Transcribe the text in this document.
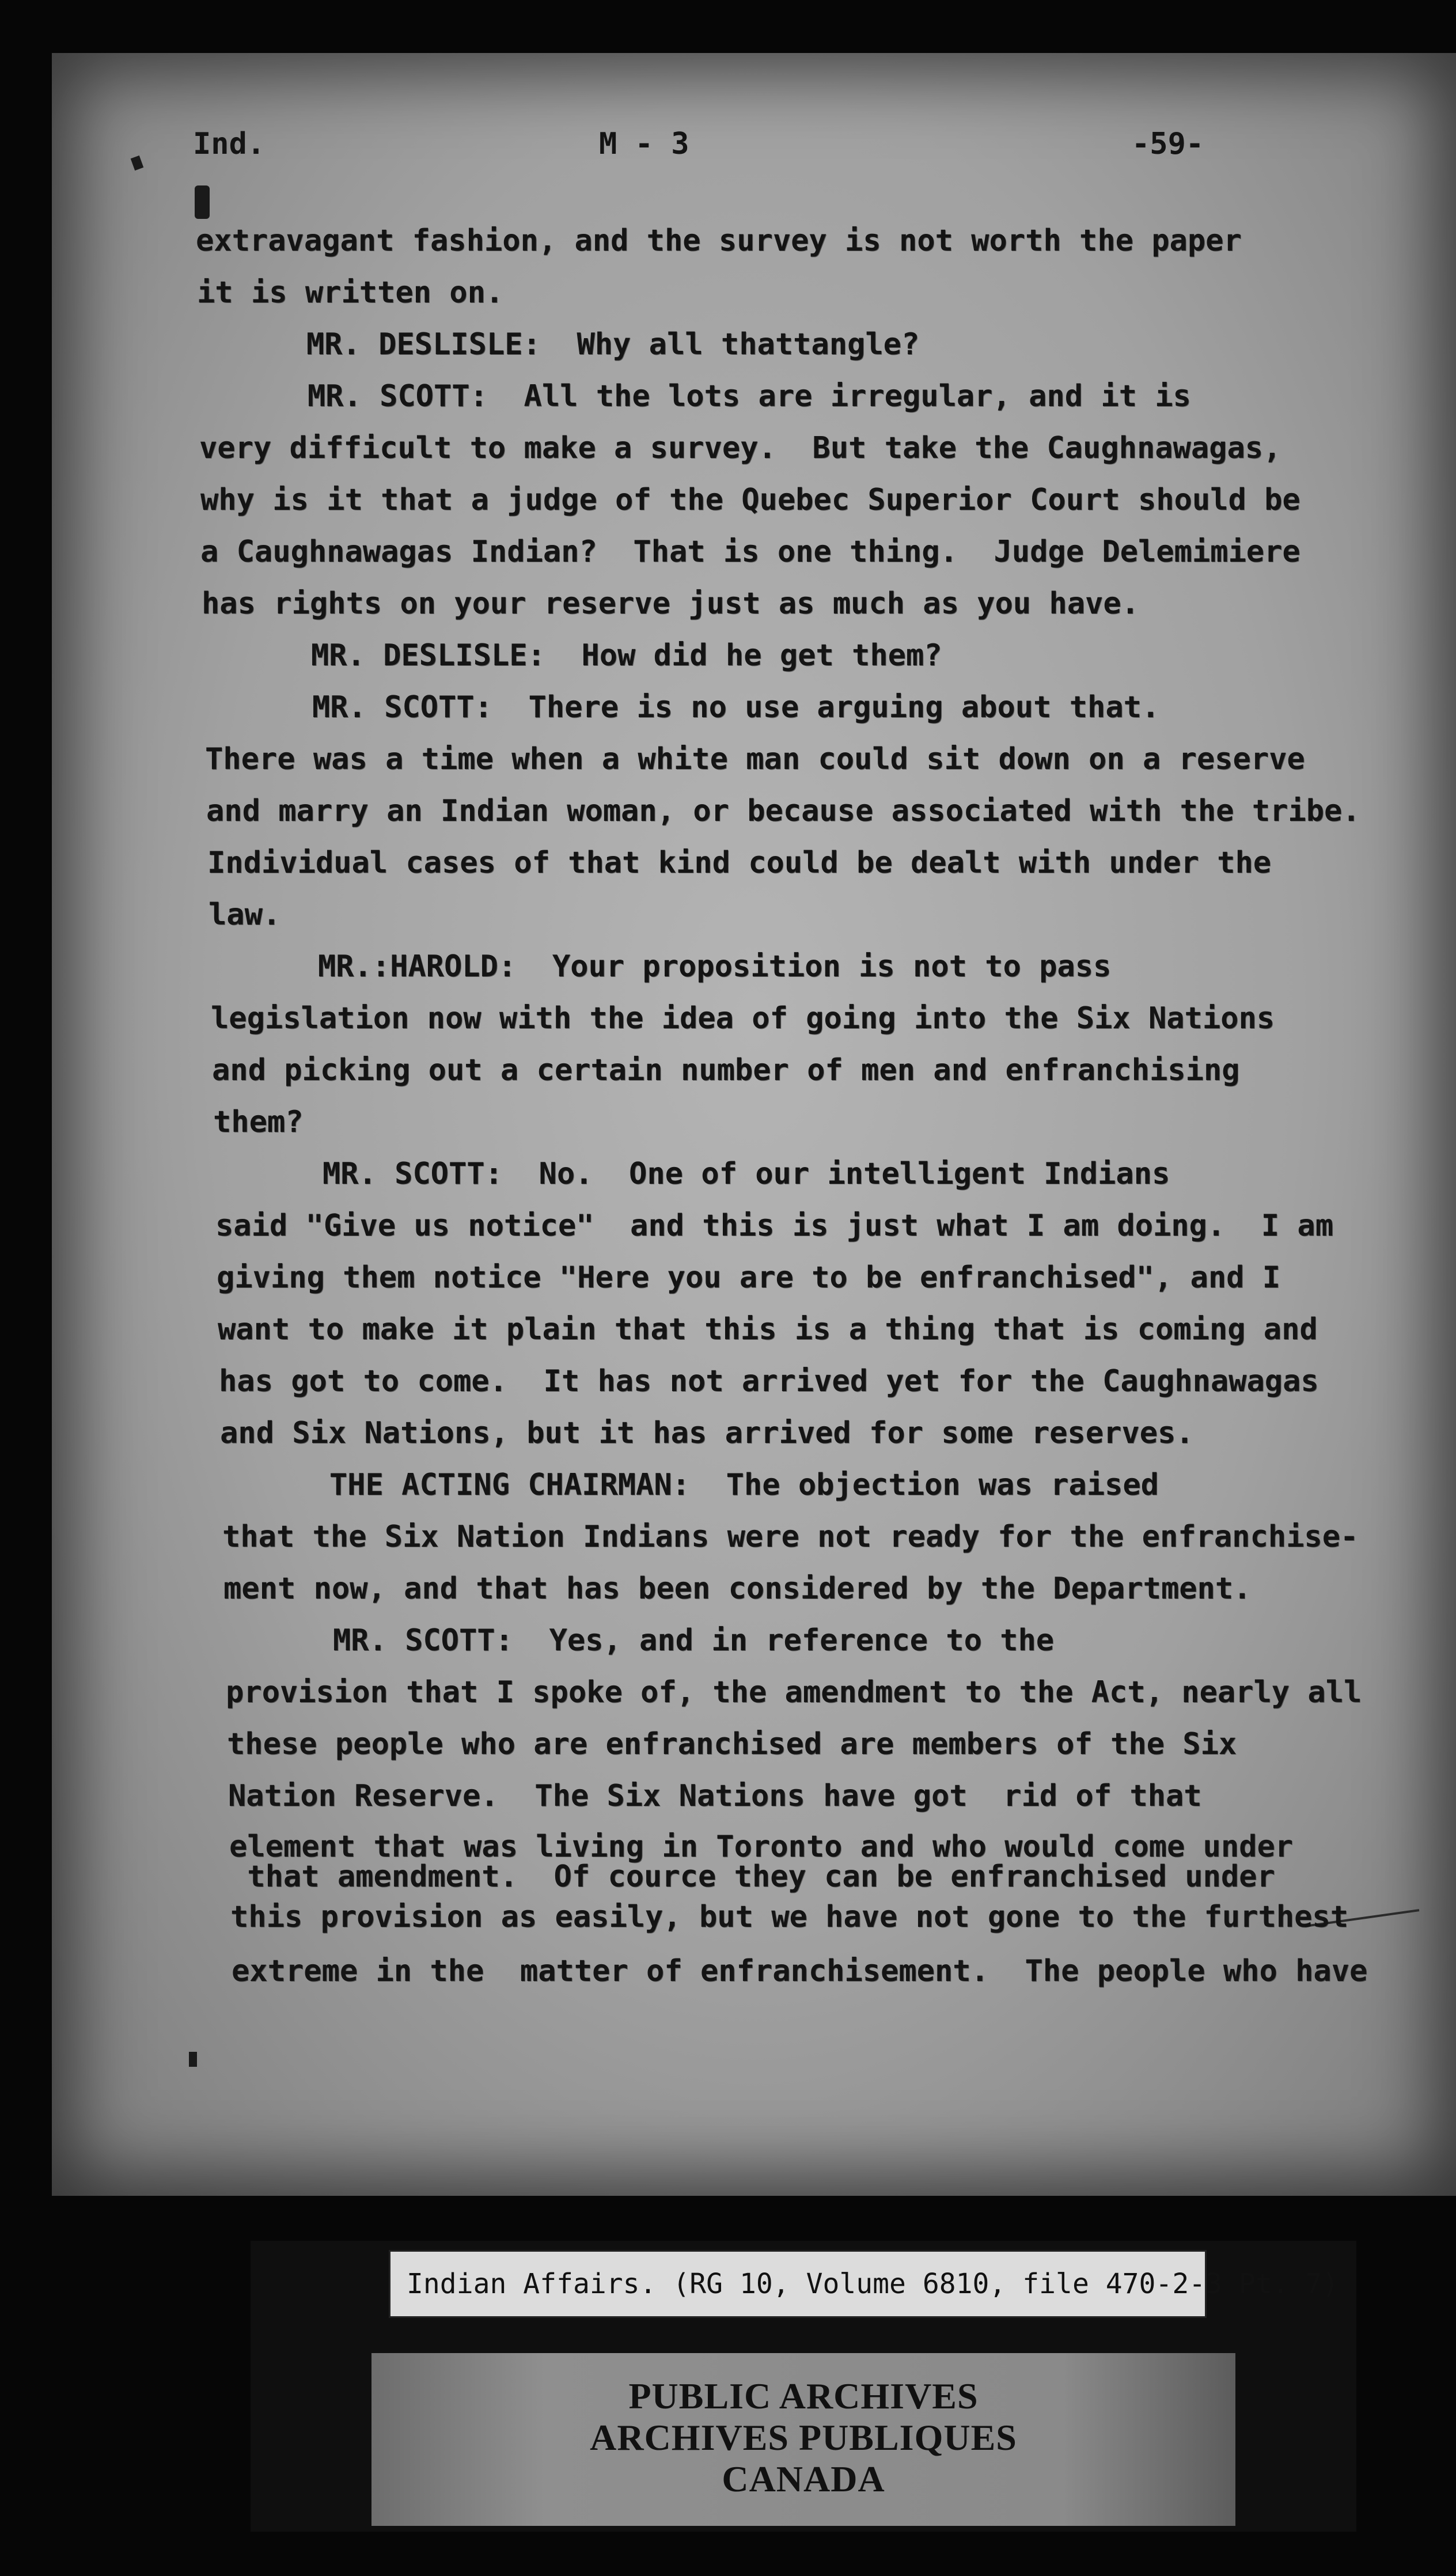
Ind.	M - 3	-59-
extravagant fashion, and the survey is not worth the paper
it is written on.
MR. DESLISLE:  Why all thattangle?
MR. SCOTT:  All the lots are irregular, and it is
very difficult to make a survey.  But take the Caughnawagas,
why is it that a judge of the Quebec Superior Court should be
a Caughnawagas Indian?  That is one thing.  Judge Delemimiere
has rights on your reserve just as much as you have.
MR. DESLISLE:  How did he get them?
MR. SCOTT:  There is no use arguing about that.
There was a time when a white man could sit down on a reserve
and marry an Indian woman, or because associated with the tribe.
Individual cases of that kind could be dealt with under the
law.
MR.:HAROLD:  Your proposition is not to pass
legislation now with the idea of going into the Six Nations
and picking out a certain number of men and enfranchising
them?
MR. SCOTT:  No.  One of our intelligent Indians
said "Give us notice"  and this is just what I am doing.  I am
giving them notice "Here you are to be enfranchised", and I
want to make it plain that this is a thing that is coming and
has got to come.  It has not arrived yet for the Caughnawagas
and Six Nations, but it has arrived for some reserves.
THE ACTING CHAIRMAN:  The objection was raised
that the Six Nation Indians were not ready for the enfranchise-
ment now, and that has been considered by the Department.
MR. SCOTT:  Yes, and in reference to the
provision that I spoke of, the amendment to the Act, nearly all
these people who are enfranchised are members of the Six
Nation Reserve.  The Six Nations have got  rid of that
element that was living in Toronto and who would come under
that amendment.  Of cource they can be enfranchised under
this provision as easily, but we have not gone to the furthest
extreme in the  matter of enfranchisement.  The people who have
Indian Affairs. (RG 10, Volume 6810, file 470-2-3 Pt. 7)
PUBLIC ARCHIVES
ARCHIVES PUBLIQUES
CANADA
